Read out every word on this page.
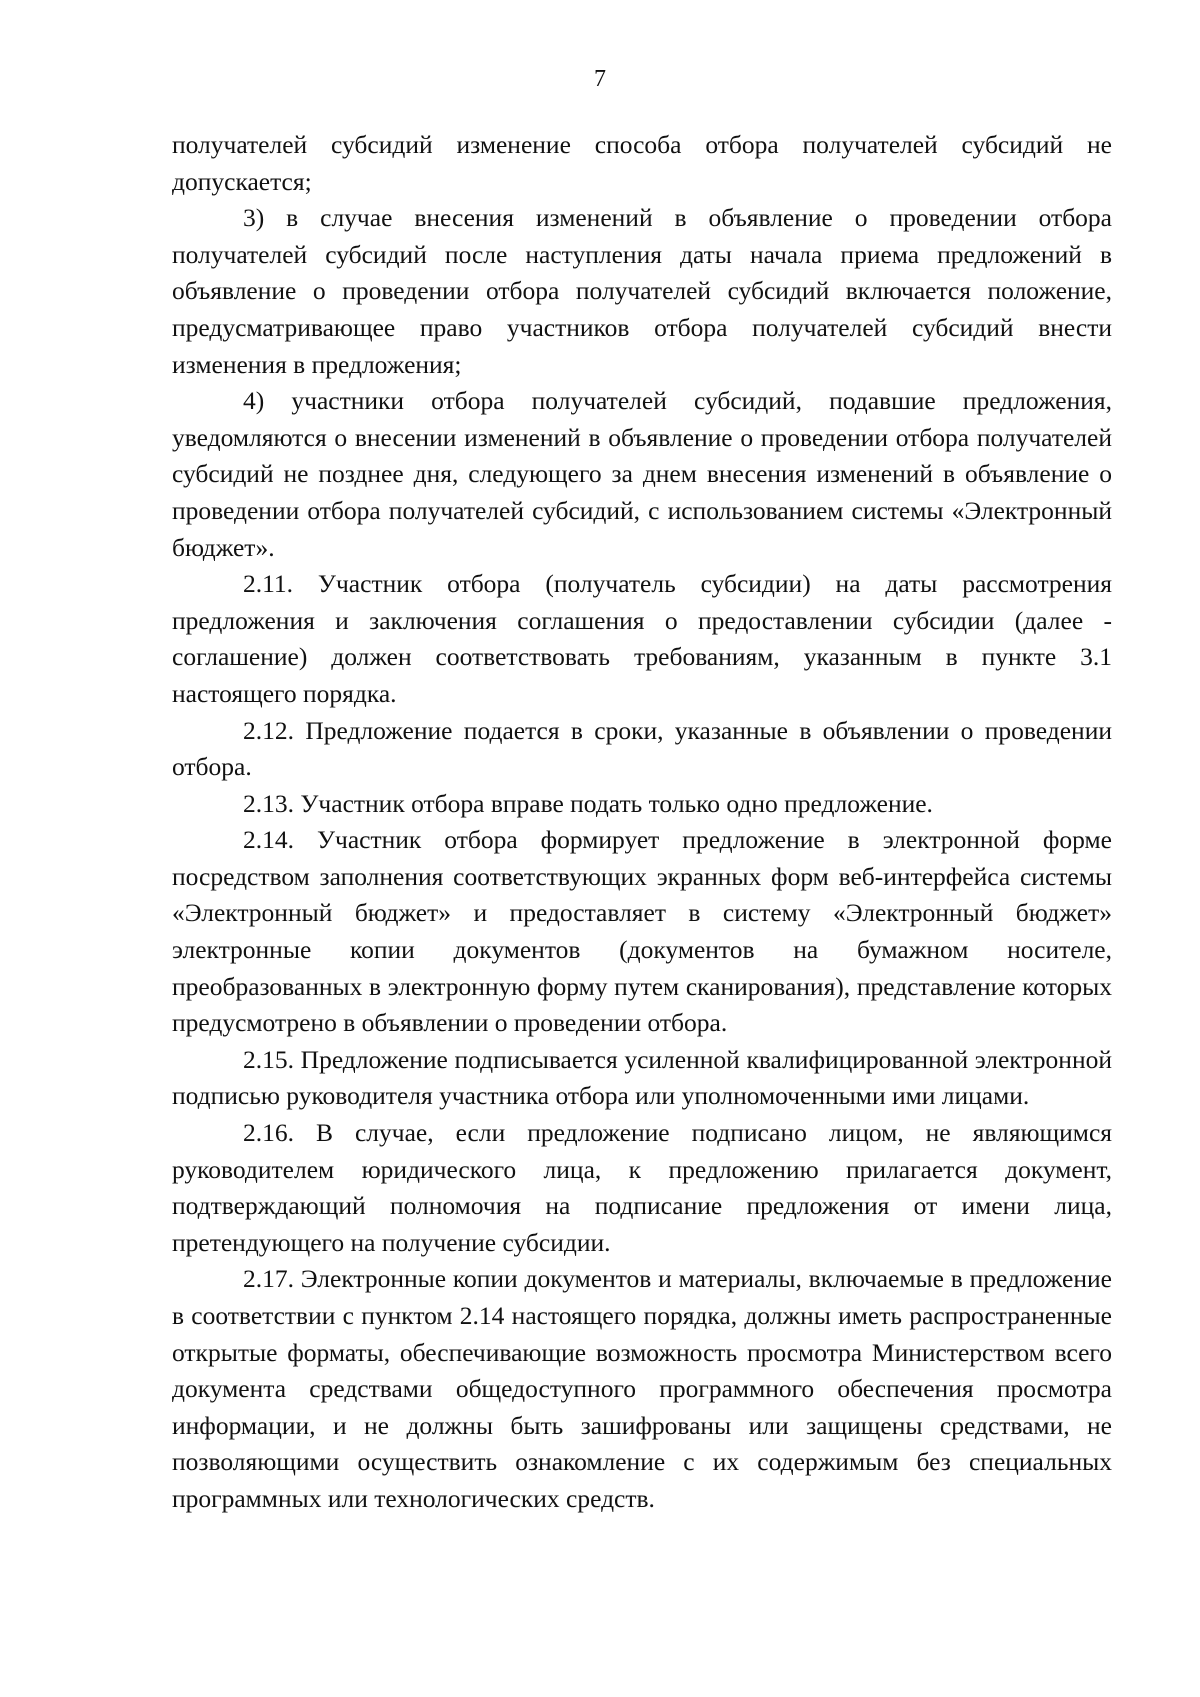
7

получателей субсидий изменение способа отбора получателей субсидий не допускается;

3) в случае внесения изменений в объявление о проведении отбора получателей субсидий после наступления даты начала приема предложений в объявление о проведении отбора получателей субсидий включается положение, предусматривающее право участников отбора получателей субсидий внести изменения в предложения;

4) участники отбора получателей субсидий, подавшие предложения, уведомляются о внесении изменений в объявление о проведении отбора получателей субсидий не позднее дня, следующего за днем внесения изменений в объявление о проведении отбора получателей субсидий, с использованием системы «Электронный бюджет».

2.11. Участник отбора (получатель субсидии) на даты рассмотрения предложения и заключения соглашения о предоставлении субсидии (далее - соглашение) должен соответствовать требованиям, указанным в пункте 3.1 настоящего порядка.

2.12. Предложение подается в сроки, указанные в объявлении о проведении отбора.

2.13. Участник отбора вправе подать только одно предложение.

2.14. Участник отбора формирует предложение в электронной форме посредством заполнения соответствующих экранных форм веб-интерфейса системы «Электронный бюджет» и предоставляет в систему «Электронный бюджет» электронные копии документов (документов на бумажном носителе, преобразованных в электронную форму путем сканирования), представление которых предусмотрено в объявлении о проведении отбора.

2.15. Предложение подписывается усиленной квалифицированной электронной подписью руководителя участника отбора или уполномоченными ими лицами.

2.16. В случае, если предложение подписано лицом, не являющимся руководителем юридического лица, к предложению прилагается документ, подтверждающий полномочия на подписание предложения от имени лица, претендующего на получение субсидии.

2.17. Электронные копии документов и материалы, включаемые в предложение в соответствии с пунктом 2.14 настоящего порядка, должны иметь распространенные открытые форматы, обеспечивающие возможность просмотра Министерством всего документа средствами общедоступного программного обеспечения просмотра информации, и не должны быть зашифрованы или защищены средствами, не позволяющими осуществить ознакомление с их содержимым без специальных программных или технологических средств.
